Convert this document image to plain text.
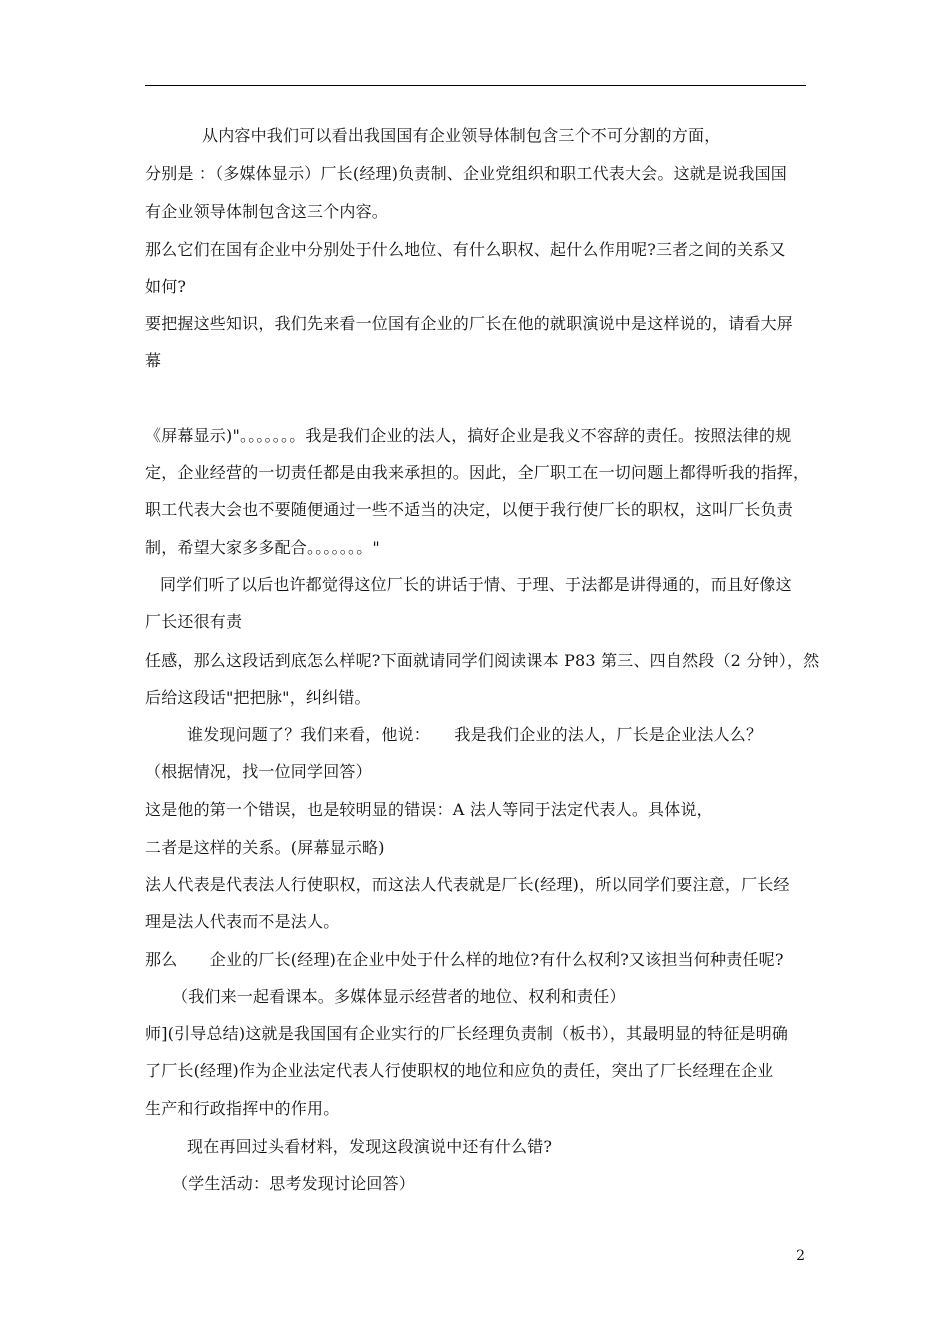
从内容中我们可以看出我国国有企业领导体制包含三个不可分割的方面，
分别是 ：（多媒体显示）厂长(经理)负责制、企业党组织和职工代表大会。这就是说我国国
有企业领导体制包含这三个内容。
那么它们在国有企业中分别处于什么地位、有什么职权、起什么作用呢?三者之间的关系又
如何?
要把握这些知识，我们先来看一位国有企业的厂长在他的就职演说中是这样说的，请看大屏
幕
《屏幕显示)"。。。。。。。我是我们企业的法人，搞好企业是我义不容辞的责任。按照法律的规
定，企业经营的一切责任都是由我来承担的。因此，全厂职工在一切问题上都得听我的指挥，
职工代表大会也不要随便通过一些不适当的决定，以便于我行使厂长的职权，这叫厂长负责
制，希望大家多多配合。。。。。。。"
同学们听了以后也许都觉得这位厂长的讲话于情、于理、于法都是讲得通的，而且好像这
厂长还很有责
任感，那么这段话到底怎么样呢?下面就请同学们阅读课本 P83 第三、四自然段（2 分钟），然
后给这段话"把把脉"，纠纠错。
谁发现问题了？我们来看，他说：　　我是我们企业的法人，厂长是企业法人么？
（根据情况，找一位同学回答）
这是他的第一个错误，也是较明显的错误：A 法人等同于法定代表人。具体说，
二者是这样的关系。(屏幕显示略)
法人代表是代表法人行使职权，而这法人代表就是厂长(经理)，所以同学们要注意，厂长经
理是法人代表而不是法人。
那么　　企业的厂长(经理)在企业中处于什么样的地位?有什么权利?又该担当何种责任呢?
（我们来一起看课本。多媒体显示经营者的地位、权利和责任）
师](引导总结)这就是我国国有企业实行的厂长经理负责制（板书），其最明显的特征是明确
了厂长(经理)作为企业法定代表人行使职权的地位和应负的责任，突出了厂长经理在企业
生产和行政指挥中的作用。
现在再回过头看材料，发现这段演说中还有什么错?
（学生活动：思考发现讨论回答）
2
